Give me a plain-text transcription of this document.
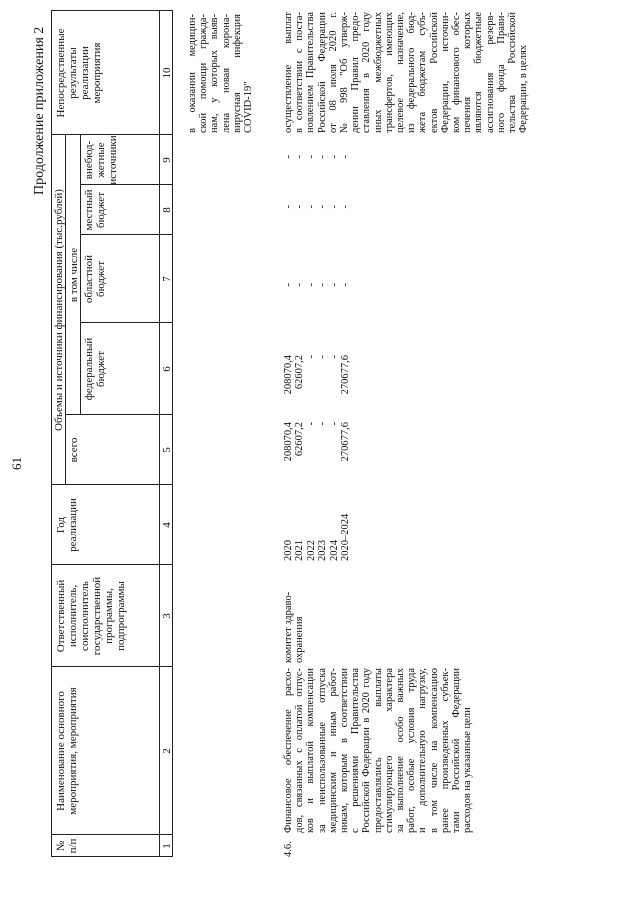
61
Продолжение приложения 2
№ п/п
Наименование основного мероприятия, мероприятия
Ответственный исполнитель, соисполнитель государственной программы, подпрограммы
Год реализации
Объемы и источники финансирования (тыс.рублей)
всего
в том числе
федеральный бюджет
областной бюджет
местный бюджет
внебюд- жетные источники
Непосредственные результаты реализации мероприятия
1
2
3
4
5
6
7
8
9
10 в оказании медицин- ской помощи гражда- нам, у которых выяв- лена новая корона- вирусная инфекция COVID-19"
4.6.
Финансовое обеспечение расхо- дов, связанных с оплатой отпус- ков и выплатой компенсации за неиспользованные отпуска медицинским и иным работ- никам, которым в соответствии с решениями Правительства Российской Федерации в 2020 году предоставлялись выплаты стимулирующего характера за выполнение особо важных работ, особые условия труда и дополнительную нагрузку, в том числе на компенсацию ранее произведенных субъек- тами Российской Федерации расходов на указанные цели
комитет здраво- охранения
2020 2021 2022 2023 2024 2020–2024
208070,4 62607,2 - - - 270677,6
208070,4 62607,2 - - - 270677,6
- - - - - -
- - - - - -
- - - - - -
осуществление выплат в соответствии с поста- новлением Правительства Российской Федерации от 08 июля 2020 г. № 998 "Об утверж- дении Правил предо- ставления в 2020 году иных межбюджетных трансфертов, имеющих целевое назначение, из федерального бюд- жета бюджетам субъ- ектов Российской Федерации, источни- ком финансового обес- печения которых являются бюджетные ассигнования резерв- ного фонда Прави- тельства Российской Федерации, в целях
